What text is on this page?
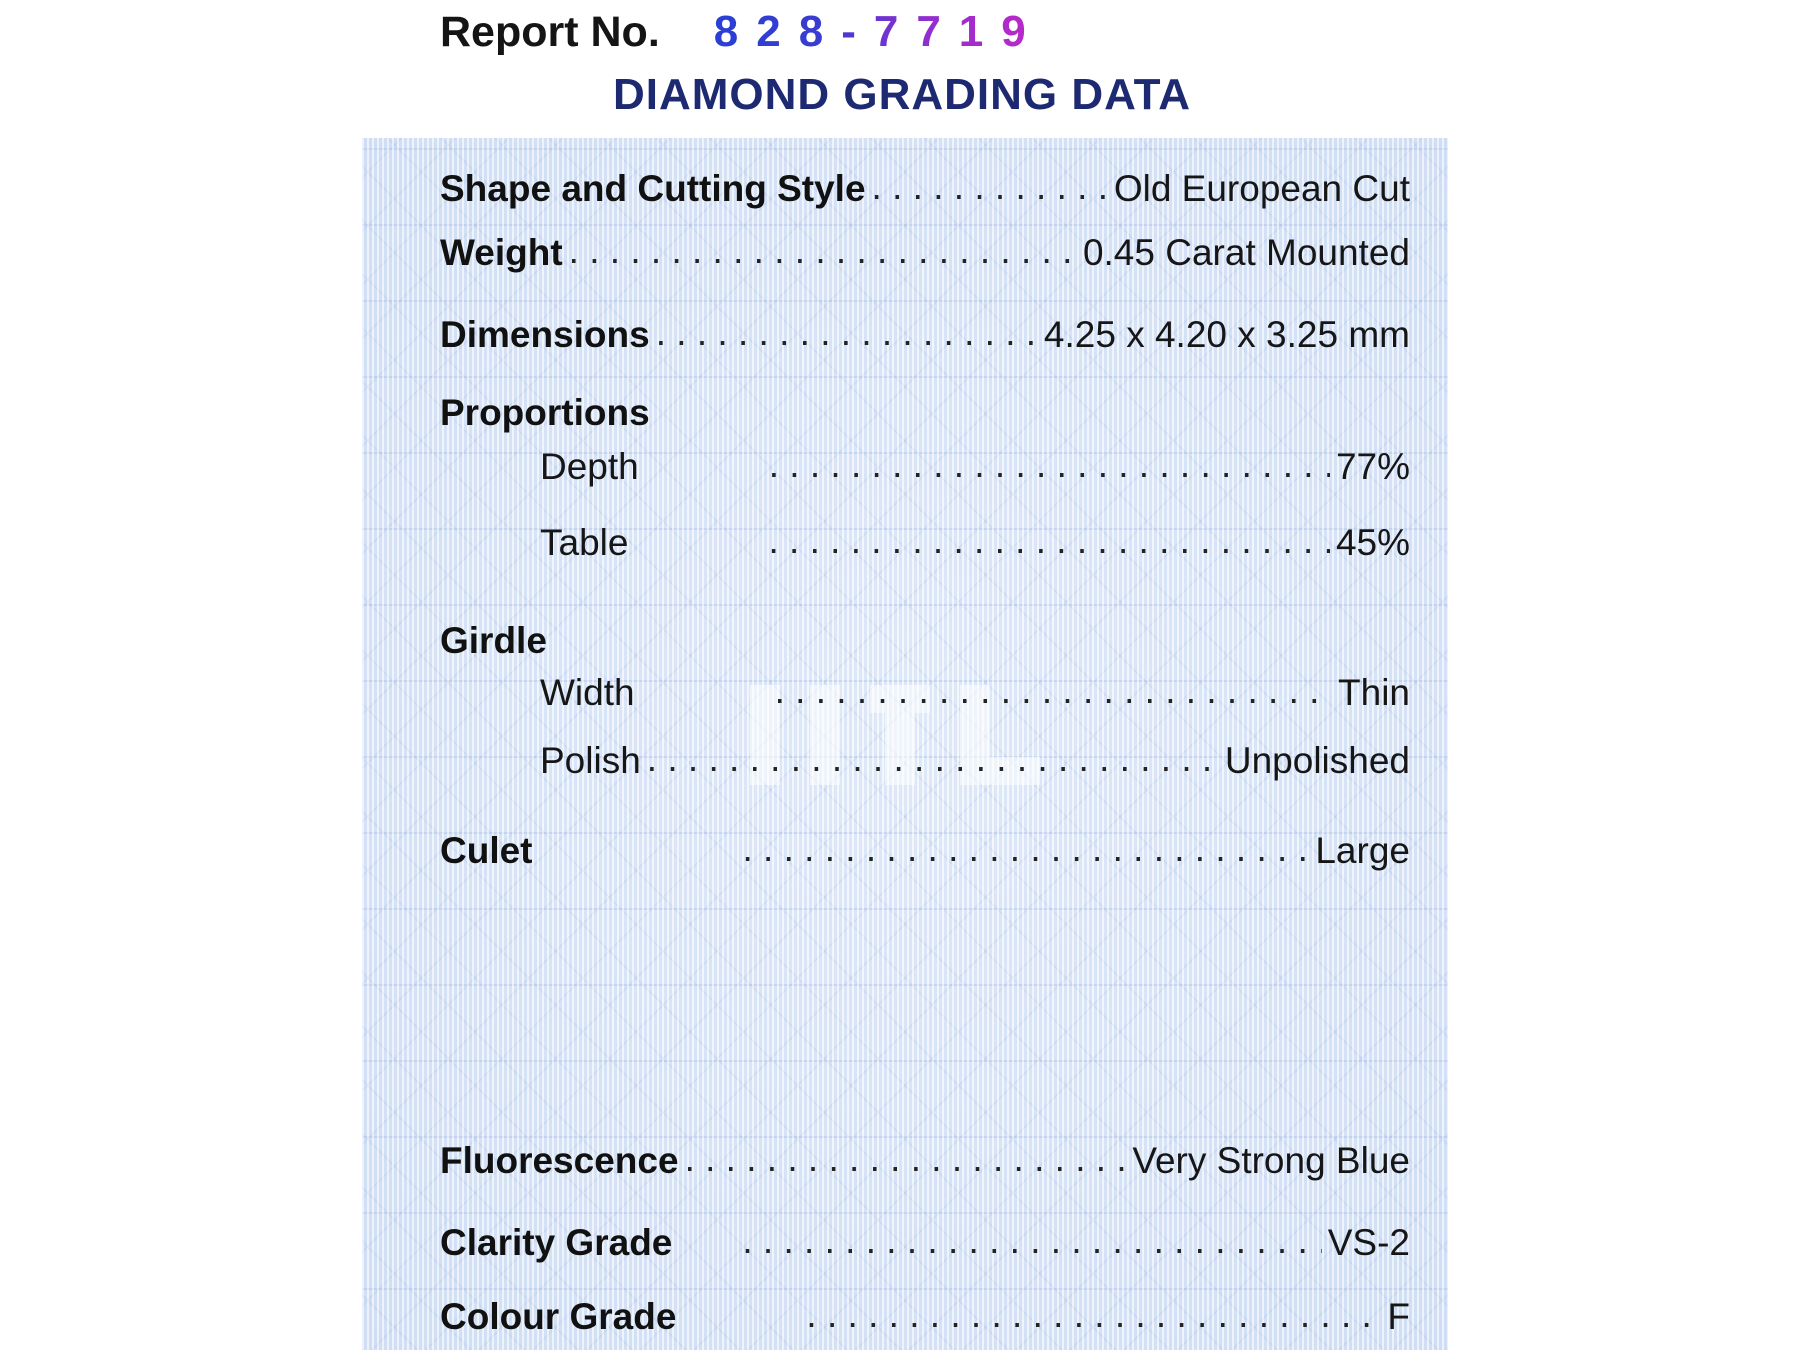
Report No. 828-7719
DIAMOND GRADING DATA
Shape and Cutting Style . . .	Old European Cut
Weight . . .	0.45 Carat Mounted
Dimensions . . .	4.25 x 4.20 x 3.25 mm
Proportions
Depth . . .	77%
Table . . .	45%
Girdle
Width . . .	Thin
Polish . . .	Unpolished
Culet . . .	Large
Fluorescence . . .	Very Strong Blue
Clarity Grade . . .	VS-2
Colour Grade . . .	F
